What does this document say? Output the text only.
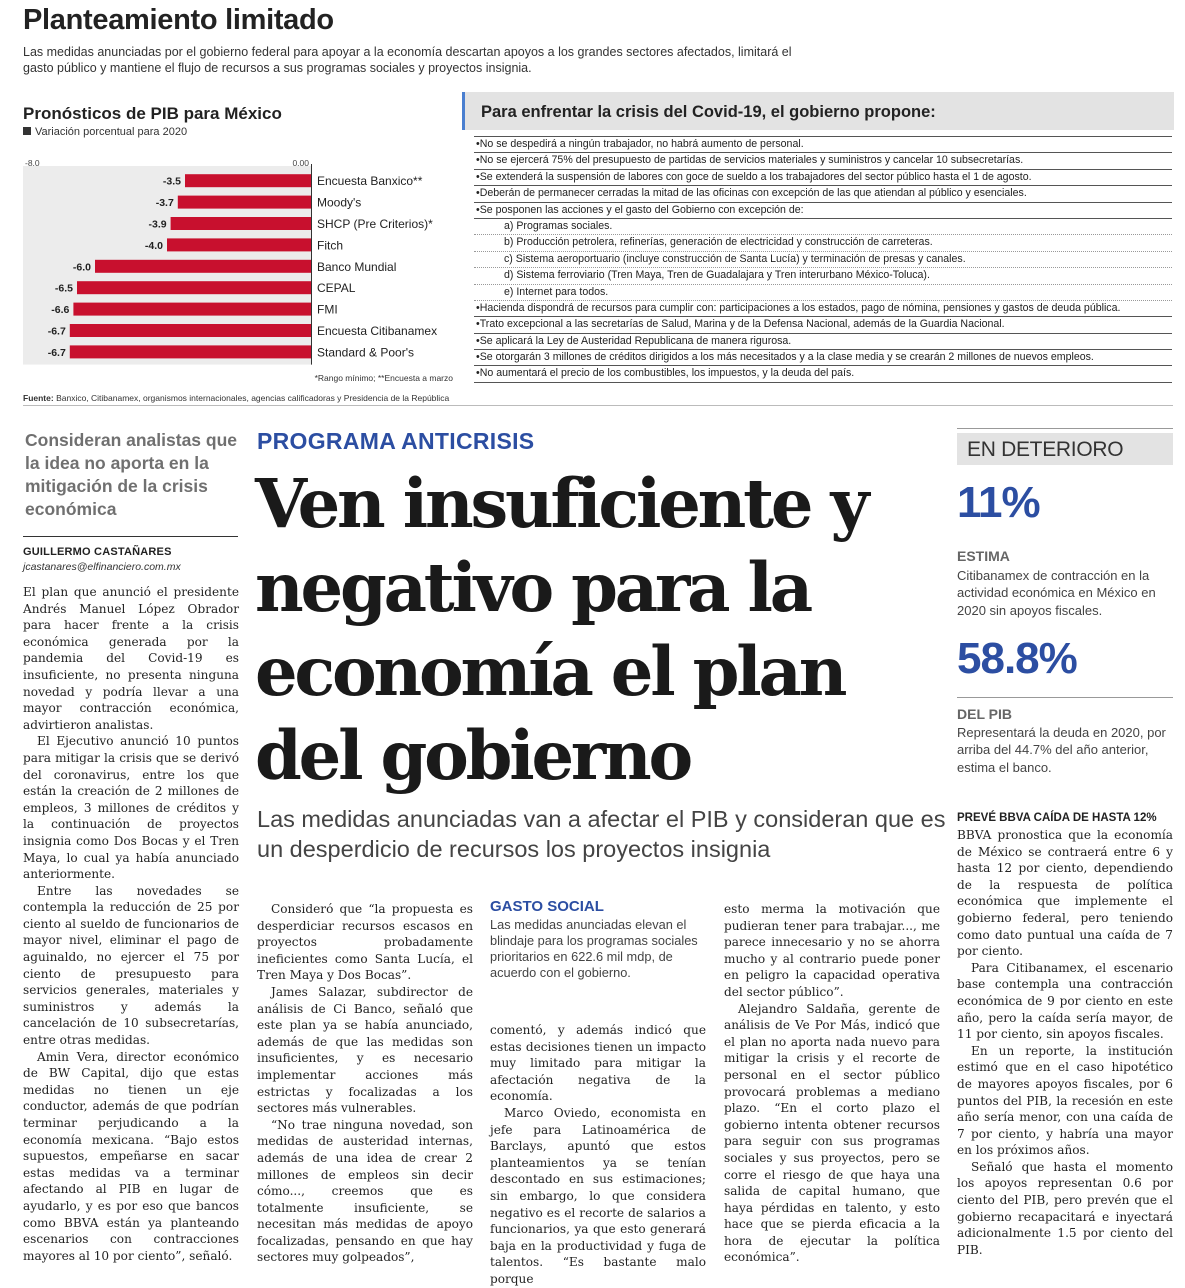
Planteamiento limitado
Las medidas anunciadas por el gobierno federal para apoyar a la economía descartan apoyos a los grandes sectores afectados, limitará el gasto público y mantiene el flujo de recursos a sus programas sociales y proyectos insignia.
Pronósticos de PIB para México
Variación porcentual para 2020
-8.0	0.00
-3.5
-3.7
-3.9
-4.0
-6.0
-6.5
-6.6
-6.7
-6.7
Encuesta Banxico**
Moody's
SHCP (Pre Criterios)*
Fitch
Banco Mundial
CEPAL
FMI
Encuesta Citibanamex
Standard & Poor's
*Rango mínimo; **Encuesta a marzo
Para enfrentar la crisis del Covid-19, el gobierno propone:
•No se despedirá a ningún trabajador, no habrá aumento de personal.
•No se ejercerá 75% del presupuesto de partidas de servicios materiales y suministros y cancelar 10 subsecretarías.
•Se extenderá la suspensión de labores con goce de sueldo a los trabajadores del sector público hasta el 1 de agosto.
•Deberán de permanecer cerradas la mitad de las oficinas con excepción de las que atiendan al público y esenciales.
•Se posponen las acciones y el gasto del Gobierno con excepción de:
a) Programas sociales.
b) Producción petrolera, refinerías, generación de electricidad y construcción de carreteras.
c) Sistema aeroportuario (incluye construcción de Santa Lucía) y terminación de presas y canales.
d) Sistema ferroviario (Tren Maya, Tren de Guadalajara y Tren interurbano México-Toluca).
e) Internet para todos.
•Hacienda dispondrá de recursos para cumplir con: participaciones a los estados, pago de nómina, pensiones y gastos de deuda pública.
•Trato excepcional a las secretarías de Salud, Marina y de la Defensa Nacional, además de la Guardia Nacional.
•Se aplicará la Ley de Austeridad Republicana de manera rigurosa.
•Se otorgarán 3 millones de créditos dirigidos a los más necesitados y a la clase media y se crearán 2 millones de nuevos empleos.
•No aumentará el precio de los combustibles, los impuestos, y la deuda del país.
Fuente: Banxico, Citibanamex, organismos internacionales, agencias calificadoras y Presidencia de la República
Consideran analistas que la idea no aporta en la mitigación de la crisis económica
GUILLERMO CASTAÑARES
jcastanares@elfinanciero.com.mx

El plan que anunció el presidente Andrés Manuel López Obrador para hacer frente a la crisis económica generada por la pandemia del Covid-19 es insuficiente, no presenta ninguna novedad y podría llevar a una mayor contracción económica, advirtieron analistas.

El Ejecutivo anunció 10 puntos para mitigar la crisis que se derivó del coronavirus, entre los que están la creación de 2 millones de empleos, 3 millones de créditos y la continuación de proyectos insignia como Dos Bocas y el Tren Maya, lo cual ya había anunciado anteriormente.

Entre las novedades se contempla la reducción de 25 por ciento al sueldo de funcionarios de mayor nivel, eliminar el pago de aguinaldo, no ejercer el 75 por ciento de presupuesto para servicios generales, materiales y suministros y además la cancelación de 10 subsecretarías, entre otras medidas.

Amin Vera, director económico de BW Capital, dijo que estas medidas no tienen un eje conductor, además de que podrían terminar perjudicando a la economía mexicana. “Bajo estos supuestos, empeñarse en sacar estas medidas va a terminar afectando al PIB en lugar de ayudarlo, y es por eso que bancos como BBVA están ya planteando escenarios con contracciones mayores al 10 por ciento”, señaló.

PROGRAMA ANTICRISIS
Ven insuficiente y negativo para la economía el plan del gobierno
Las medidas anunciadas van a afectar el PIB y consideran que es un desperdicio de recursos los proyectos insignia

Consideró que “la propuesta es desperdiciar recursos escasos en proyectos probadamente ineficientes como Santa Lucía, el Tren Maya y Dos Bocas”.

James Salazar, subdirector de análisis de Ci Banco, señaló que este plan ya se había anunciado, además de que las medidas son insuficientes, y es necesario implementar acciones más estrictas y focalizadas a los sectores más vulnerables.

“No trae ninguna novedad, son medidas de austeridad internas, además de una idea de crear 2 millones de empleos sin decir cómo..., creemos que es totalmente insuficiente, se necesitan más medidas de apoyo focalizadas, pensando en que hay sectores muy golpeados”,

GASTO SOCIAL
Las medidas anunciadas elevan el blindaje para los programas sociales prioritarios en 622.6 mil mdp, de acuerdo con el gobierno.

comentó, y además indicó que estas decisiones tienen un impacto muy limitado para mitigar la afectación negativa de la economía.

Marco Oviedo, economista en jefe para Latinoamérica de Barclays, apuntó que estos planteamientos ya se tenían descontado en sus estimaciones; sin embargo, lo que considera negativo es el recorte de salarios a funcionarios, ya que esto generará baja en la productividad y fuga de talentos. “Es bastante malo porque

esto merma la motivación que pudieran tener para trabajar..., me parece innecesario y no se ahorra mucho y al contrario puede poner en peligro la capacidad operativa del sector público”.

Alejandro Saldaña, gerente de análisis de Ve Por Más, indicó que el plan no aporta nada nuevo para mitigar la crisis y el recorte de personal en el sector público provocará problemas a mediano plazo. “En el corto plazo el gobierno intenta obtener recursos para seguir con sus programas sociales y sus proyectos, pero se corre el riesgo de que haya una salida de capital humano, que haya pérdidas en talento, y esto hace que se pierda eficacia a la hora de ejecutar la política económica”.

EN DETERIORO
11%
ESTIMA
Citibanamex de contracción en la actividad económica en México en 2020 sin apoyos fiscales.
58.8%
DEL PIB
Representará la deuda en 2020, por arriba del 44.7% del año anterior, estima el banco.
PREVÉ BBVA CAÍDA DE HASTA 12%

BBVA pronostica que la economía de México se contraerá entre 6 y hasta 12 por ciento, dependiendo de la respuesta de política económica que implemente el gobierno federal, pero teniendo como dato puntual una caída de 7 por ciento.

Para Citibanamex, el escenario base contempla una contracción económica de 9 por ciento en este año, pero la caída sería mayor, de 11 por ciento, sin apoyos fiscales.

En un reporte, la institución estimó que en el caso hipotético de mayores apoyos fiscales, por 6 puntos del PIB, la recesión en este año sería menor, con una caída de 7 por ciento, y habría una mayor en los próximos años.

Señaló que hasta el momento los apoyos representan 0.6 por ciento del PIB, pero prevén que el gobierno recapacitará e inyectará adicionalmente 1.5 por ciento del PIB.
